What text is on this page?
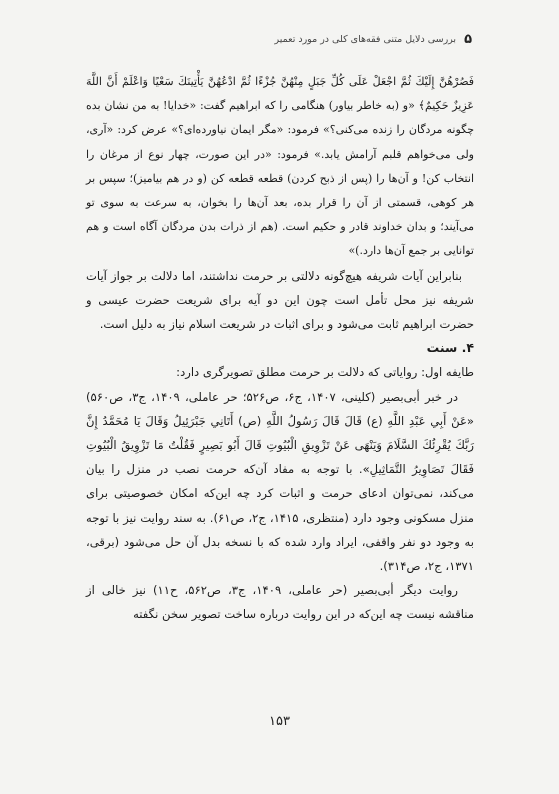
۵
بررسی دلایل متنی فقه‌های کلی در مورد تعمیر

فَصُرْهُنَّ إِلَيْكَ ثُمَّ اجْعَلْ عَلَى كُلِّ جَبَلٍ مِنْهُنَّ جُزْءًا ثُمَّ ادْعُهُنَّ يَأْتِينَكَ سَعْيًا وَاعْلَمْ أَنَّ اللَّهَ عَزِيزٌ حَكِيمٌ﴾ «و (به خاطر بیاور) هنگامی را که ابراهیم گفت: «خدایا! به من نشان بده چگونه مردگان را زنده می‌کنی؟» فرمود: «مگر ایمان نیاورده‌ای؟» عرض کرد: «آری، ولی می‌خواهم قلبم آرامش یابد.» فرمود: «در این صورت، چهار نوع از مرغان را انتخاب کن! و آن‌ها را (پس از ذبح کردن) قطعه قطعه کن (و در هم بیامیز)؛ سپس بر هر کوهی، قسمتی از آن را قرار بده، بعد آن‌ها را بخوان، به سرعت به سوی تو می‌آیند؛ و بدان خداوند قادر و حکیم است. (هم از ذرات بدن مردگان آگاه است و هم توانایی بر جمع آن‌ها دارد.)»

بنابراین آیات شریفه هیچ‌گونه دلالتی بر حرمت نداشتند، اما دلالت بر جواز آیات شریفه نیز محل تأمل است چون این دو آیه برای شریعت حضرت عیسی و حضرت ابراهیم ثابت می‌شود و برای اثبات در شریعت اسلام نیاز به دلیل است.

۴. سنت

طایفه اول: روایاتی که دلالت بر حرمت مطلق تصویرگری دارد:

در خبر أبی‌بصیر (کلینی، ۱۴۰۷، ج۶، ص۵۲۶؛ حر عاملی، ۱۴۰۹، ج۳، ص۵۶۰) «عَنْ أَبِي عَبْدِ اللَّهِ (ع) قَالَ قَالَ رَسُولُ اللَّهِ (ص) أَتَانِي جَبْرَئِيلُ وَقَالَ يَا مُحَمَّدُ إِنَّ رَبَّكَ يُقْرِئُكَ السَّلَامَ وَيَنْهَى عَنْ تَزْوِيقِ الْبُيُوتِ قَالَ أَبُو بَصِيرٍ فَقُلْتُ مَا تَزْوِيقُ الْبُيُوتِ فَقَالَ تَصَاوِيرُ التَّمَاثِيلِ». با توجه به مفاد آن‌که حرمت نصب در منزل را بیان می‌کند، نمی‌توان ادعای حرمت و اثبات کرد چه این‌که امکان خصوصیتی برای منزل مسکونی وجود دارد (منتظری، ۱۴۱۵، ج۲، ص۶۱). به سند روایت نیز با توجه به وجود دو نفر واقفی، ایراد وارد شده که با نسخه بدل آن حل می‌شود (برقی، ۱۳۷۱، ج۲، ص۳۱۴).

روایت دیگر أبی‌بصیر (حر عاملی، ۱۴۰۹، ج۳، ص۵۶۲، ح۱۱) نیز خالی از مناقشه نیست چه این‌که در این روایت درباره ساخت تصویر سخن نگفته

۱۵۳
